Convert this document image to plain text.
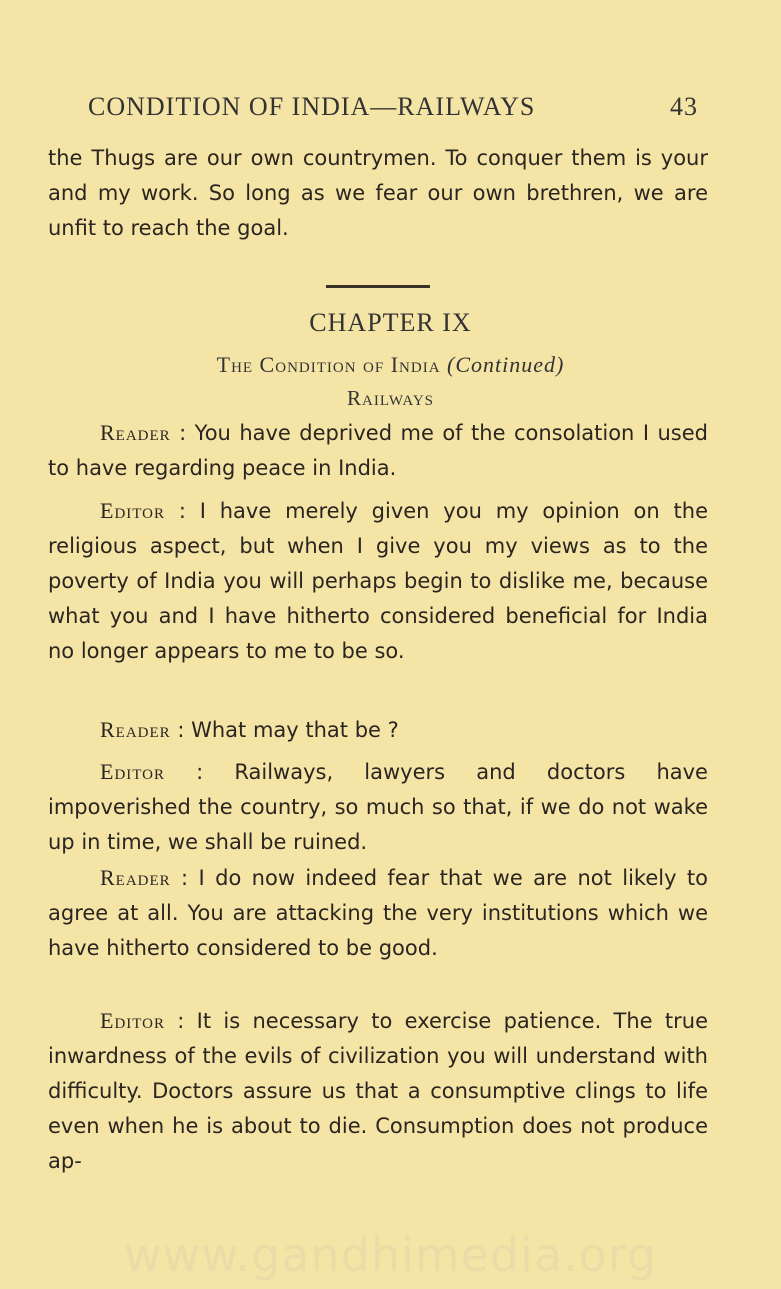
CONDITION OF INDIA—RAILWAYS	43

the Thugs are our own countrymen. To conquer them is your and my work. So long as we fear our own brethren, we are unfit to reach the goal.

CHAPTER IX
The Condition of India (Continued)
Railways

Reader : You have deprived me of the consolation I used to have regarding peace in India.

Editor : I have merely given you my opinion on the religious aspect, but when I give you my views as to the poverty of India you will perhaps begin to dislike me, because what you and I have hitherto considered beneficial for India no longer appears to me to be so.

Reader : What may that be ?

Editor : Railways, lawyers and doctors have impoverished the country, so much so that, if we do not wake up in time, we shall be ruined.

Reader : I do now indeed fear that we are not likely to agree at all. You are attacking the very institutions which we have hitherto considered to be good.

Editor : It is necessary to exercise patience. The true inwardness of the evils of civilization you will understand with difficulty. Doctors assure us that a consumptive clings to life even when he is about to die. Consumption does not produce ap-

www.gandhimedia.org
